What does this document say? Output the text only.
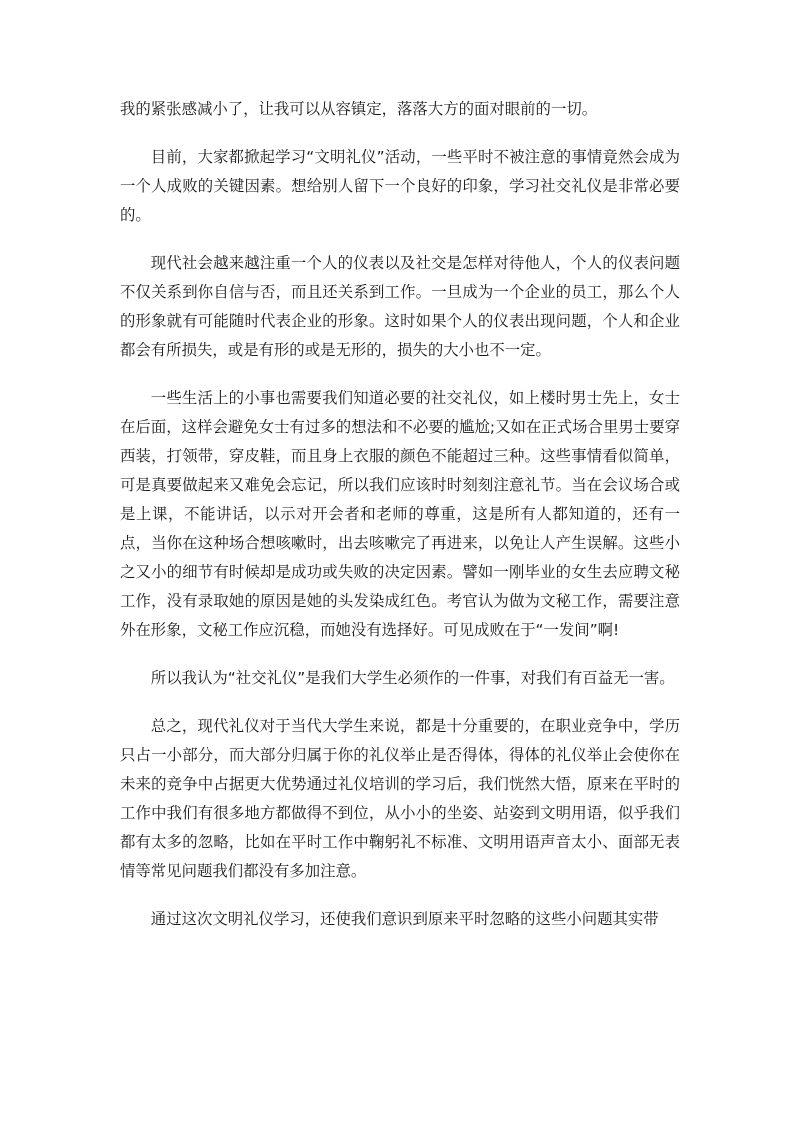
我的紧张感减小了，让我可以从容镇定，落落大方的面对眼前的一切。

目前，大家都掀起学习“文明礼仪”活动，一些平时不被注意的事情竟然会成为一个人成败的关键因素。想给别人留下一个良好的印象，学习社交礼仪是非常必要的。

现代社会越来越注重一个人的仪表以及社交是怎样对待他人，个人的仪表问题不仅关系到你自信与否，而且还关系到工作。一旦成为一个企业的员工，那么个人的形象就有可能随时代表企业的形象。这时如果个人的仪表出现问题，个人和企业都会有所损失，或是有形的或是无形的，损失的大小也不一定。

一些生活上的小事也需要我们知道必要的社交礼仪，如上楼时男士先上，女士在后面，这样会避免女士有过多的想法和不必要的尴尬;又如在正式场合里男士要穿西装，打领带，穿皮鞋，而且身上衣服的颜色不能超过三种。这些事情看似简单，可是真要做起来又难免会忘记，所以我们应该时时刻刻注意礼节。当在会议场合或是上课，不能讲话，以示对开会者和老师的尊重，这是所有人都知道的，还有一点，当你在这种场合想咳嗽时，出去咳嗽完了再进来，以免让人产生误解。这些小之又小的细节有时候却是成功或失败的决定因素。譬如一刚毕业的女生去应聘文秘工作，没有录取她的原因是她的头发染成红色。考官认为做为文秘工作，需要注意外在形象，文秘工作应沉稳，而她没有选择好。可见成败在于“一发间”啊!

所以我认为“社交礼仪”是我们大学生必须作的一件事，对我们有百益无一害。

总之，现代礼仪对于当代大学生来说，都是十分重要的，在职业竞争中，学历只占一小部分，而大部分归属于你的礼仪举止是否得体，得体的礼仪举止会使你在未来的竞争中占据更大优势通过礼仪培训的学习后，我们恍然大悟，原来在平时的工作中我们有很多地方都做得不到位，从小小的坐姿、站姿到文明用语，似乎我们都有太多的忽略，比如在平时工作中鞠躬礼不标准、文明用语声音太小、面部无表情等常见问题我们都没有多加注意。

通过这次文明礼仪学习，还使我们意识到原来平时忽略的这些小问题其实带
